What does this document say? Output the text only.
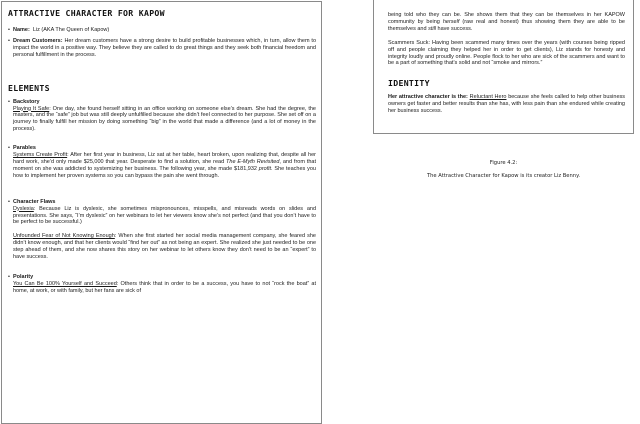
ATTRACTIVE CHARACTER FOR KAPOW
• Name: Liz (AKA The Queen of Kapow)

• Dream Customers: Her dream customers have a strong desire to build profitable businesses which, in turn, allow them to impact the world in a positive way. They believe they are called to do great things and they seek both financial freedom and personal fulfillment in the process.

ELEMENTS
• Backstory

Playing It Safe: One day, she found herself sitting in an office working on someone else’s dream. She had the degree, the masters, and the “safe” job but was still deeply unfulfilled because she didn’t feel connected to her purpose. She set off on a journey to finally fulfill her mission by doing something “big” in the world that made a difference (and a lot of money in the process).

• Parables

Systems Create Profit: After her first year in business, Liz sat at her table, heart broken, upon realizing that, despite all her hard work, she’d only made $25,000 that year. Desperate to find a solution, she read The E-Myth Revisited, and from that moment on she was addicted to systemizing her business. The following year, she made $181,932 profit. She teaches you how to implement her proven systems so you can bypass the pain she went through.

• Character Flaws

Dyslexia: Because Liz is dyslexic, she sometimes mispronounces, misspells, and misreads words on slides and presentations. She says, “I’m dyslexic” on her webinars to let her viewers know she’s not perfect (and that you don’t have to be perfect to be successful.)

Unfounded Fear of Not Knowing Enough: When she first started her social media management company, she feared she didn’t know enough, and that her clients would “find her out” as not being an expert. She realized she just needed to be one step ahead of them, and she now shares this story on her webinar to let others know they don’t need to be an “expert” to have success.

• Polarity

You Can Be 100% Yourself and Succeed: Others think that in order to be a success, you have to not “rock the boat” at home, at work, or with family, but her fans are sick of

being told who they can be. She shows them that they can be themselves in her KAPOW community by being herself (raw real and honest) thus showing them they are able to be themselves and still have success.

Scammers Suck: Having been scammed many times over the years (with courses being ripped off and people claiming they helped her in order to get clients), Liz stands for honesty and integrity loudly and proudly online. People flock to her who are sick of the scammers and want to be a part of something that’s solid and not “smoke and mirrors.”

IDENTITY

Her attractive character is the: Reluctant Hero because she feels called to help other business owners get faster and better results than she has, with less pain than she endured while creating her business success.

Figure 4.2:

The Attractive Character for Kapow is its creator Liz Benny.
